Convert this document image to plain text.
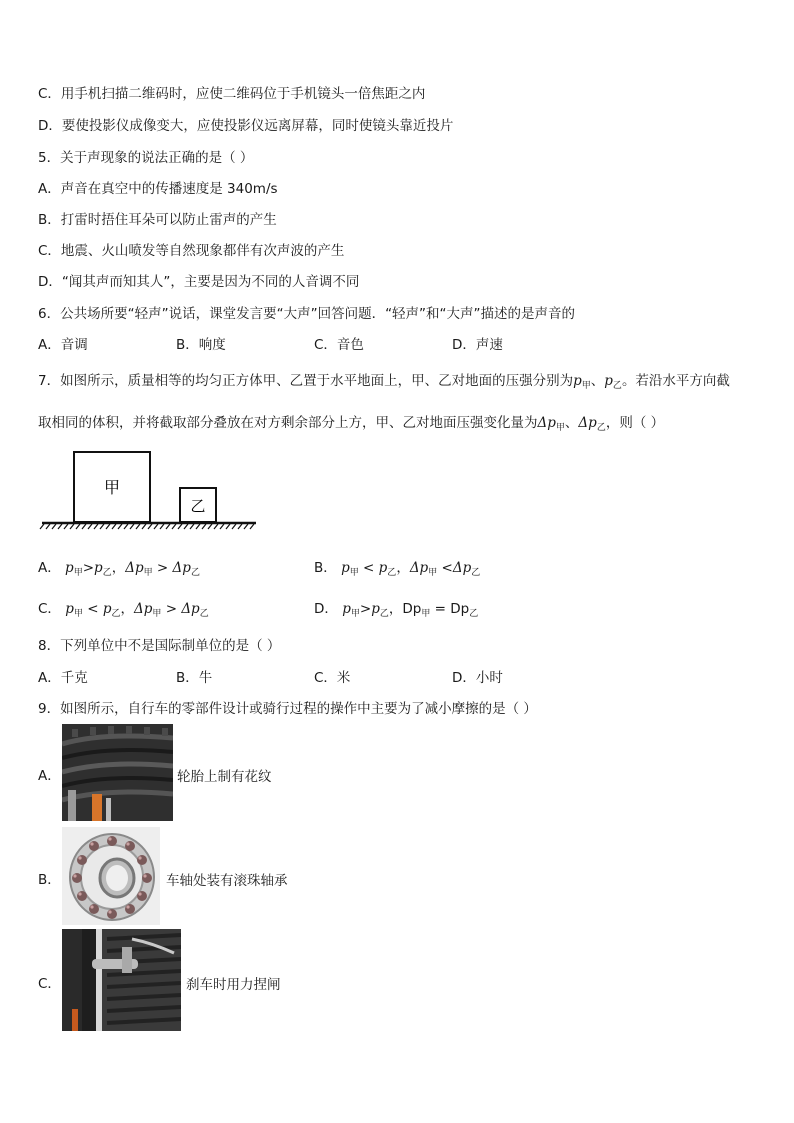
C．用手机扫描二维码时，应使二维码位于手机镜头一倍焦距之内
D．要使投影仪成像变大，应使投影仪远离屏幕，同时使镜头靠近投片
5．关于声现象的说法正确的是（ ）
A．声音在真空中的传播速度是 340m/s
B．打雷时捂住耳朵可以防止雷声的产生
C．地震、火山喷发等自然现象都伴有次声波的产生
D．“闻其声而知其人”，主要是因为不同的人音调不同
6．公共场所要“轻声”说话，课堂发言要“大声”回答问题．“轻声”和“大声”描述的是声音的
A．音调	B．响度	C．音色	D．声速
7．如图所示，质量相等的均匀正方体甲、乙置于水平地面上，甲、乙对地面的压强分别为$p_甲$、$p_乙$。若沿水平方向截
取相同的体积，并将截取部分叠放在对方剩余部分上方，甲、乙对地面压强变化量为$\Delta p_甲$、$\Delta p_乙$，则（ ）
甲
乙
A． $p_甲>p_乙$，$\Delta p_甲 > \Delta p_乙$	B． $p_甲 < p_乙$，$\Delta p_甲 <\Delta p_乙$
C． $p_甲 < p_乙$，$\Delta p_甲 > \Delta p_乙$	D． $p_甲>p_乙$，$Dp_甲 = Dp_乙$
8．下列单位中不是国际制单位的是（ ）
A．千克	B．牛	C．米	D．小时
9．如图所示，自行车的零部件设计或骑行过程的操作中主要为了减小摩擦的是（ ）
A．	轮胎上制有花纹
B．	车轴处装有滚珠轴承
C．	刹车时用力捏闸
